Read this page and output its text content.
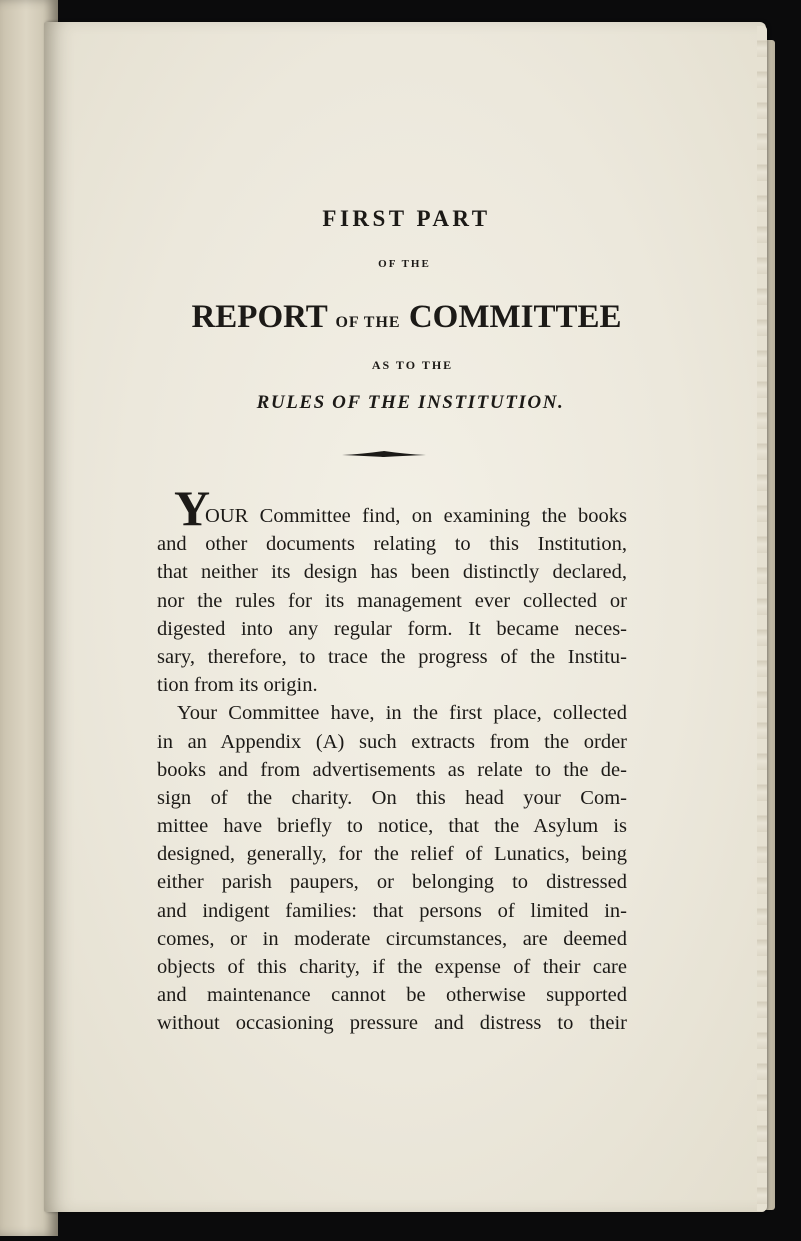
FIRST PART
OF THE
REPORT OF THE COMMITTEE
AS TO THE
RULES OF THE INSTITUTION.
Y
OUR Committee find, on examining the books
and other documents relating to this Institution,
that neither its design has been distinctly declared,
nor the rules for its management ever collected or
digested into any regular form. It became neces-
sary, therefore, to trace the progress of the Institu-
tion from its origin.
Your Committee have, in the first place, collected
in an Appendix (A) such extracts from the order
books and from advertisements as relate to the de-
sign of the charity. On this head your Com-
mittee have briefly to notice, that the Asylum is
designed, generally, for the relief of Lunatics, being
either parish paupers, or belonging to distressed
and indigent families: that persons of limited in-
comes, or in moderate circumstances, are deemed
objects of this charity, if the expense of their care
and maintenance cannot be otherwise supported
without occasioning pressure and distress to their
